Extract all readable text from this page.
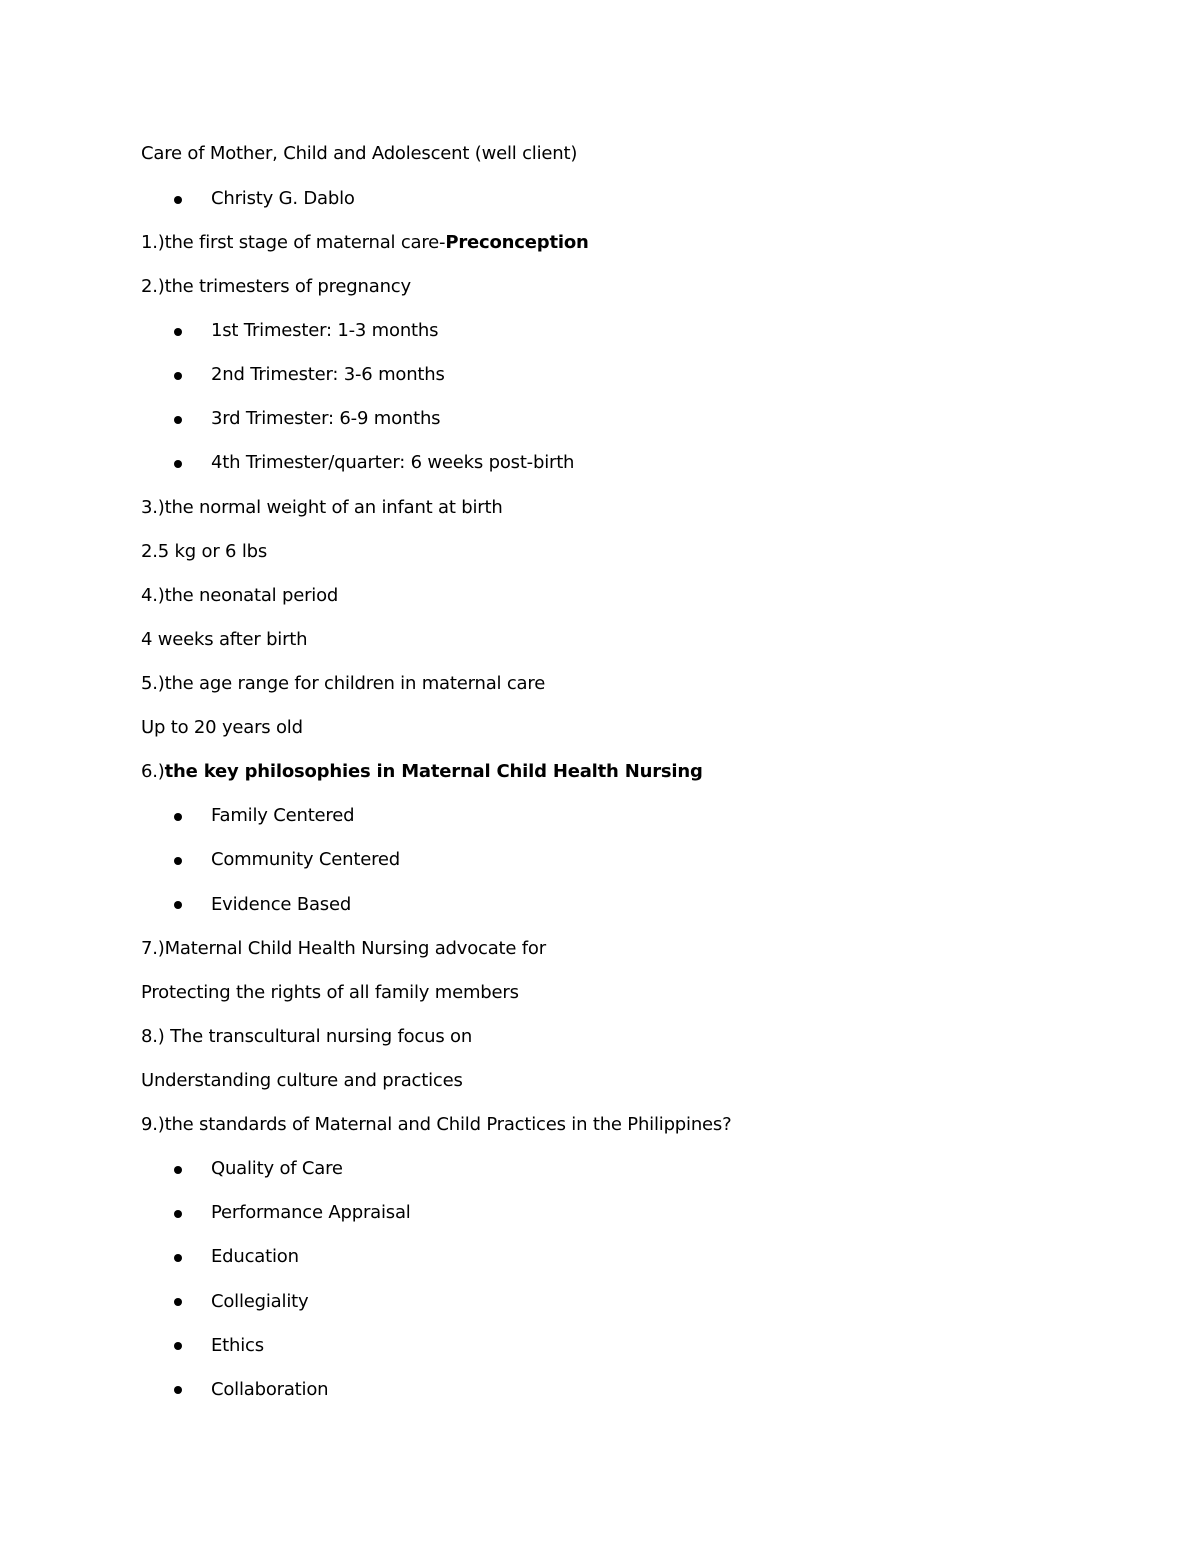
Care of Mother, Child and Adolescent (well client)
Christy G. Dablo
1.)the first stage of maternal care-Preconception
2.)the trimesters of pregnancy
1st Trimester: 1-3 months
2nd Trimester: 3-6 months
3rd Trimester: 6-9 months
4th Trimester/quarter: 6 weeks post-birth
3.)the normal weight of an infant at birth
2.5 kg or 6 lbs
4.)the neonatal period
4 weeks after birth
5.)the age range for children in maternal care
Up to 20 years old
6.)the key philosophies in Maternal Child Health Nursing
Family Centered
Community Centered
Evidence Based
7.)Maternal Child Health Nursing advocate for
Protecting the rights of all family members
8.) The transcultural nursing focus on
Understanding culture and practices
9.)the standards of Maternal and Child Practices in the Philippines?
Quality of Care
Performance Appraisal
Education
Collegiality
Ethics
Collaboration
